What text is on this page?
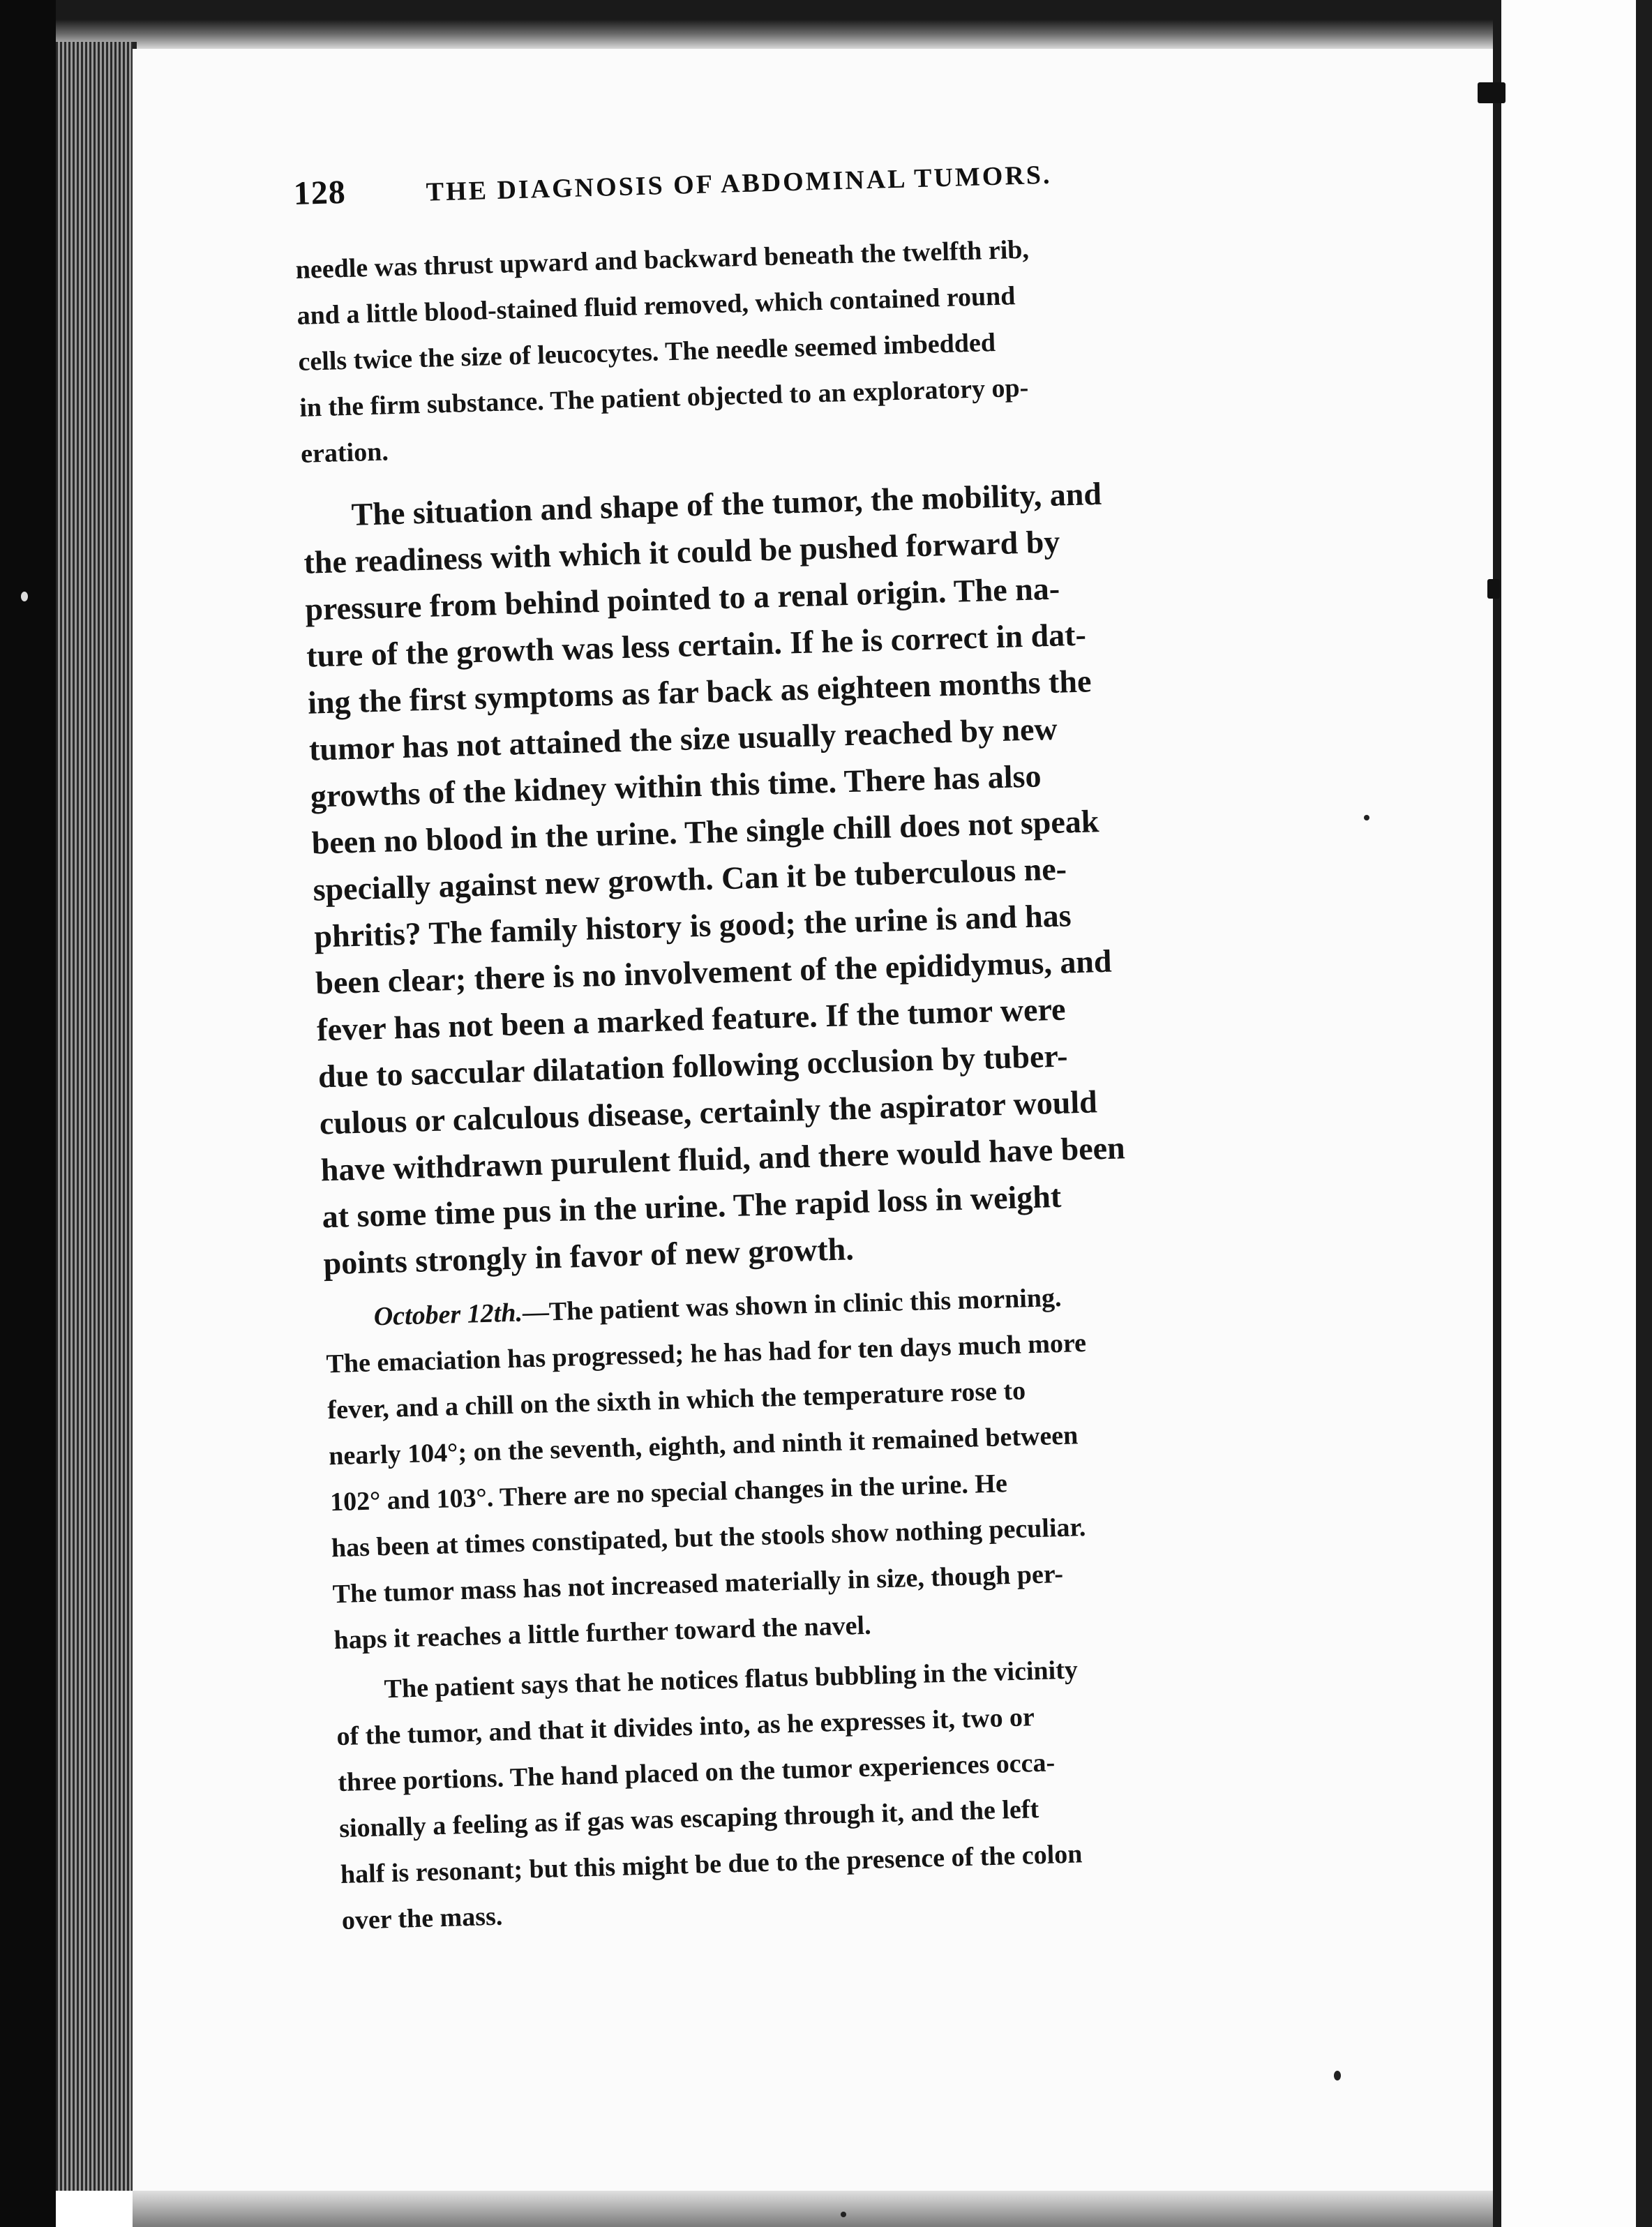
128	THE DIAGNOSIS OF ABDOMINAL TUMORS.
needle was thrust upward and backward beneath the twelfth rib,
and a little blood-stained fluid removed, which contained round
cells twice the size of leucocytes. The needle seemed imbedded
in the firm substance. The patient objected to an exploratory op-
eration.
The situation and shape of the tumor, the mobility, and
the readiness with which it could be pushed forward by
pressure from behind pointed to a renal origin. The na-
ture of the growth was less certain. If he is correct in dat-
ing the first symptoms as far back as eighteen months the
tumor has not attained the size usually reached by new
growths of the kidney within this time. There has also
been no blood in the urine. The single chill does not speak
specially against new growth. Can it be tuberculous ne-
phritis? The family history is good; the urine is and has
been clear; there is no involvement of the epididymus, and
fever has not been a marked feature. If the tumor were
due to saccular dilatation following occlusion by tuber-
culous or calculous disease, certainly the aspirator would
have withdrawn purulent fluid, and there would have been
at some time pus in the urine. The rapid loss in weight
points strongly in favor of new growth.
October 12th.—The patient was shown in clinic this morning.
The emaciation has progressed; he has had for ten days much more
fever, and a chill on the sixth in which the temperature rose to
nearly 104°; on the seventh, eighth, and ninth it remained between
102° and 103°. There are no special changes in the urine. He
has been at times constipated, but the stools show nothing peculiar.
The tumor mass has not increased materially in size, though per-
haps it reaches a little further toward the navel.
The patient says that he notices flatus bubbling in the vicinity
of the tumor, and that it divides into, as he expresses it, two or
three portions. The hand placed on the tumor experiences occa-
sionally a feeling as if gas was escaping through it, and the left
half is resonant; but this might be due to the presence of the colon
over the mass.
